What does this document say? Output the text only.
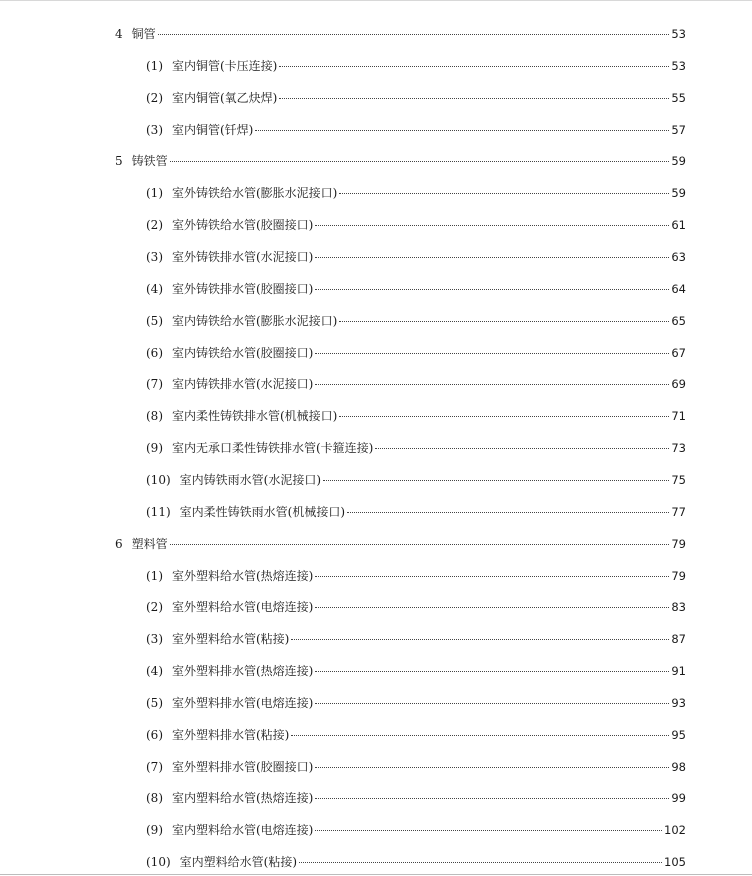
4 铜管	53
(1) 室内铜管(卡压连接)	53
(2) 室内铜管(氧乙炔焊)	55
(3) 室内铜管(钎焊)	57
5 铸铁管	59
(1) 室外铸铁给水管(膨胀水泥接口)	59
(2) 室外铸铁给水管(胶圈接口)	61
(3) 室外铸铁排水管(水泥接口)	63
(4) 室外铸铁排水管(胶圈接口)	64
(5) 室内铸铁给水管(膨胀水泥接口)	65
(6) 室内铸铁给水管(胶圈接口)	67
(7) 室内铸铁排水管(水泥接口)	69
(8) 室内柔性铸铁排水管(机械接口)	71
(9) 室内无承口柔性铸铁排水管(卡箍连接)	73
(10) 室内铸铁雨水管(水泥接口)	75
(11) 室内柔性铸铁雨水管(机械接口)	77
6 塑料管	79
(1) 室外塑料给水管(热熔连接)	79
(2) 室外塑料给水管(电熔连接)	83
(3) 室外塑料给水管(粘接)	87
(4) 室外塑料排水管(热熔连接)	91
(5) 室外塑料排水管(电熔连接)	93
(6) 室外塑料排水管(粘接)	95
(7) 室外塑料排水管(胶圈接口)	98
(8) 室内塑料给水管(热熔连接)	99
(9) 室内塑料给水管(电熔连接)	102
(10) 室内塑料给水管(粘接)	105
